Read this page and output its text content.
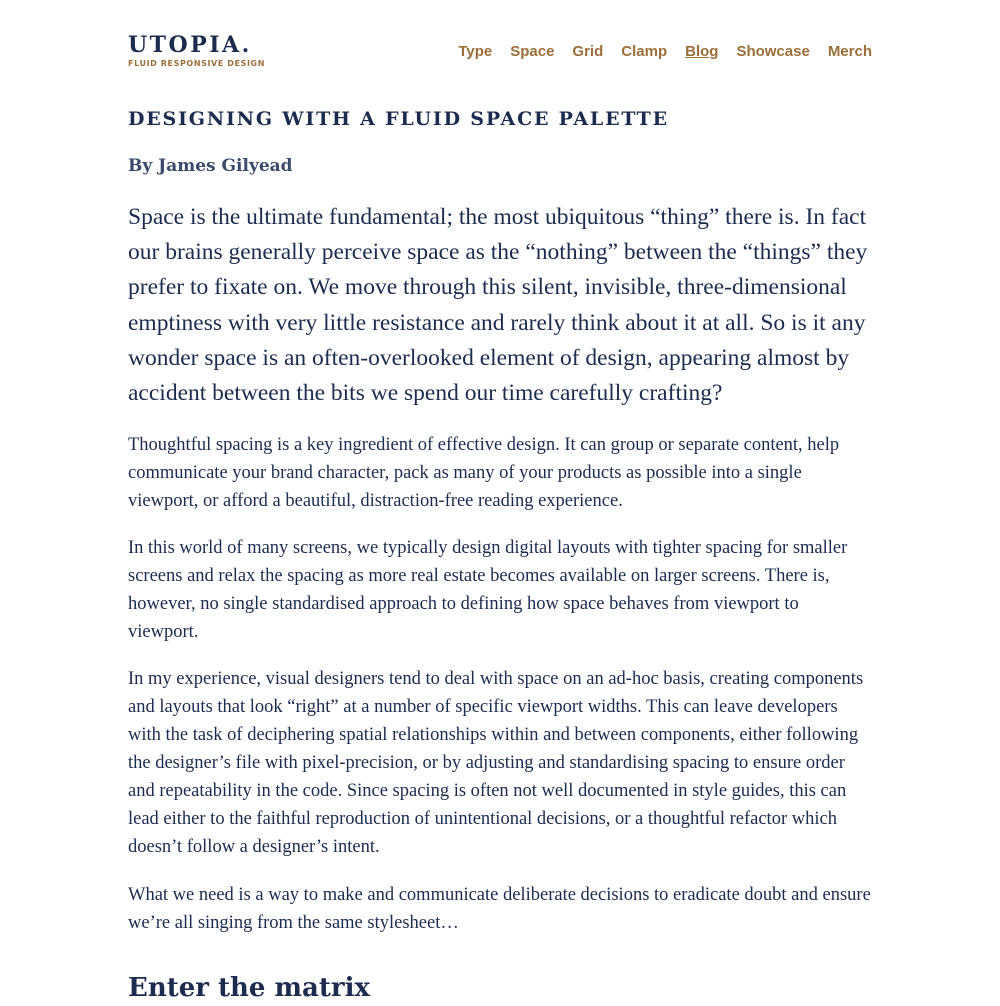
UTOPIA.
FLUID RESPONSIVE DESIGN
Type Space Grid Clamp Blog Showcase Merch
DESIGNING WITH A FLUID SPACE PALETTE

By James Gilyead

Space is the ultimate fundamental; the most ubiquitous “thing” there is. In fact our brains generally perceive space as the “nothing” between the “things” they prefer to fixate on. We move through this silent, invisible, three-dimensional emptiness with very little resistance and rarely think about it at all. So is it any wonder space is an often-overlooked element of design, appearing almost by accident between the bits we spend our time carefully crafting?

Thoughtful spacing is a key ingredient of effective design. It can group or separate content, help communicate your brand character, pack as many of your products as possible into a single viewport, or afford a beautiful, distraction-free reading experience.

In this world of many screens, we typically design digital layouts with tighter spacing for smaller screens and relax the spacing as more real estate becomes available on larger screens. There is, however, no single standardised approach to defining how space behaves from viewport to viewport.

In my experience, visual designers tend to deal with space on an ad-hoc basis, creating components and layouts that look “right” at a number of specific viewport widths. This can leave developers with the task of deciphering spatial relationships within and between components, either following the designer’s file with pixel-precision, or by adjusting and standardising spacing to ensure order and repeatability in the code. Since spacing is often not well documented in style guides, this can lead either to the faithful reproduction of unintentional decisions, or a thoughtful refactor which doesn’t follow a designer’s intent.

What we need is a way to make and communicate deliberate decisions to eradicate doubt and ensure we’re all singing from the same stylesheet…

Enter the matrix
